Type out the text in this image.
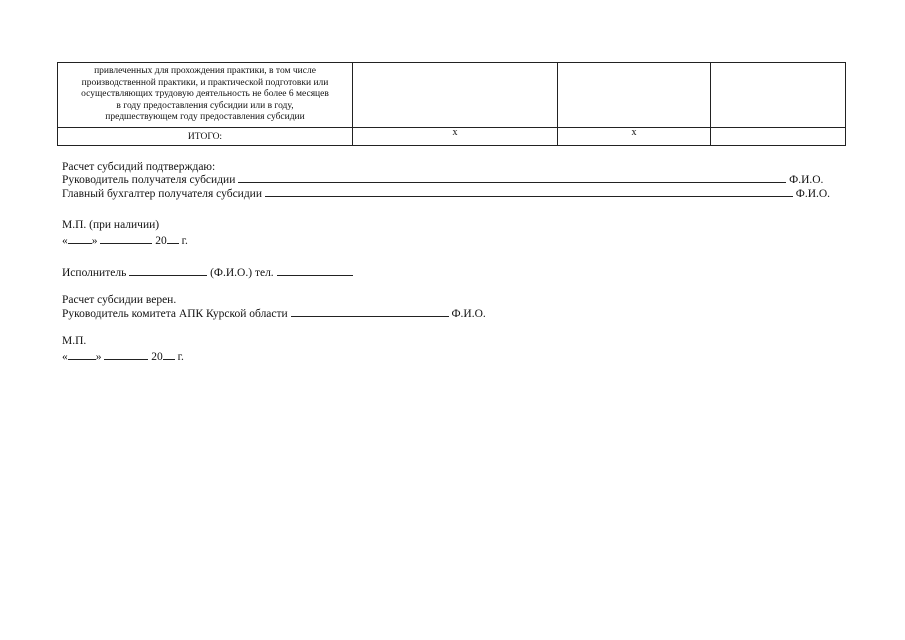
привлеченных для прохождения практики, в том числе
производственной практики, и практической подготовки или
осуществляющих трудовую деятельность не более 6 месяцев
в году предоставления субсидии или в году,
предшествующем году предоставления субсидии
ИТОГО:	х	х
Расчет субсидий подтверждаю:
Руководитель получателя субсидии	Ф.И.О.
Главный бухгалтер получателя субсидии	Ф.И.О.
М.П. (при наличии)
« »	20 г.
Исполнитель	(Ф.И.О.) тел.
Расчет субсидии верен.
Руководитель комитета АПК Курской области	Ф.И.О.
М.П.
« »	20 г.
